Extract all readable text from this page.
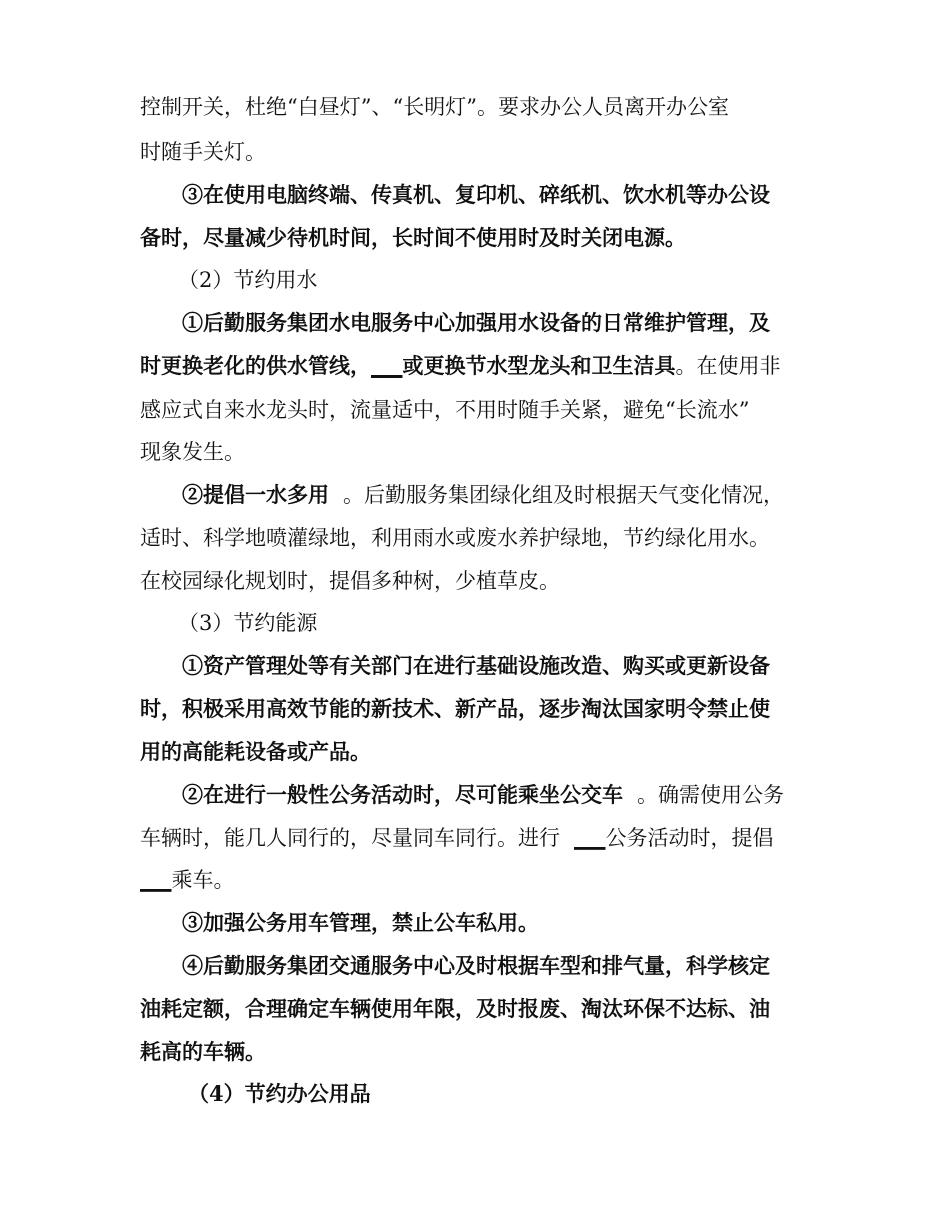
控制开关，杜绝“白昼灯”、“长明灯”。要求办公人员离开办公室
时随手关灯。
③在使用电脑终端、传真机、复印机、碎纸机、饮水机等办公设
备时，尽量减少待机时间，长时间不使用时及时关闭电源。
（2）节约用水
①后勤服务集团水电服务中心加强用水设备的日常维护管理，及
时更换老化的供水管线，___或更换节水型龙头和卫生洁具。在使用非
感应式自来水龙头时，流量适中，不用时随手关紧，避免“长流水”
现象发生。
②提倡一水多用 。后勤服务集团绿化组及时根据天气变化情况，
适时、科学地喷灌绿地，利用雨水或废水养护绿地，节约绿化用水。
在校园绿化规划时，提倡多种树，少植草皮。
（3）节约能源
①资产管理处等有关部门在进行基础设施改造、购买或更新设备
时，积极采用高效节能的新技术、新产品，逐步淘汰国家明令禁止使
用的高能耗设备或产品。
②在进行一般性公务活动时，尽可能乘坐公交车 。确需使用公务
车辆时，能几人同行的，尽量同车同行。进行 ___公务活动时，提倡
___乘车。
③加强公务用车管理，禁止公车私用。
④后勤服务集团交通服务中心及时根据车型和排气量，科学核定
油耗定额，合理确定车辆使用年限，及时报废、淘汰环保不达标、油
耗高的车辆。
（4）节约办公用品
